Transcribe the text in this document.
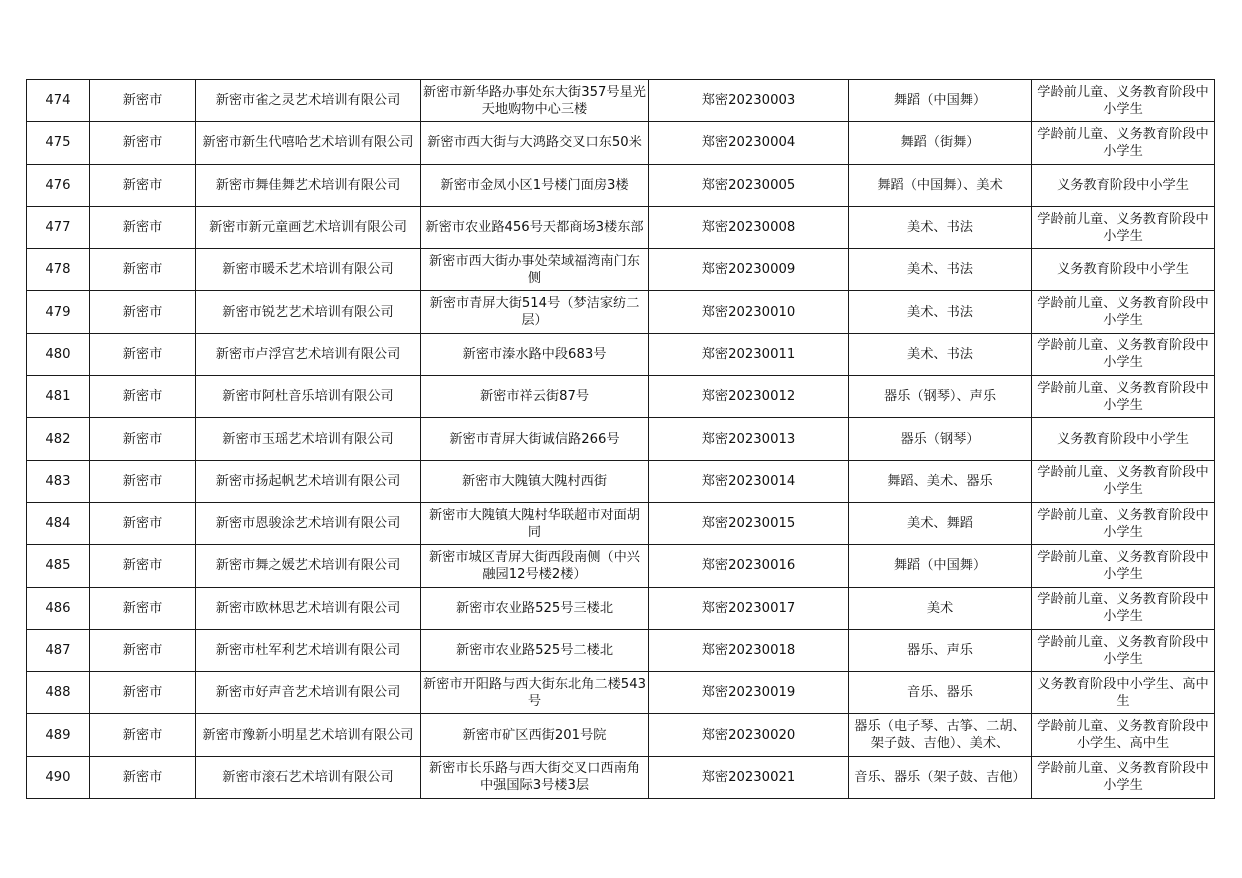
474	新密市	新密市雀之灵艺术培训有限公司	新密市新华路办事处东大街357号星光天地购物中心三楼	郑密20230003	舞蹈（中国舞）	学龄前儿童、义务教育阶段中小学生
475	新密市	新密市新生代嘻哈艺术培训有限公司	新密市西大街与大鸿路交叉口东50米	郑密20230004	舞蹈（街舞）	学龄前儿童、义务教育阶段中小学生
476	新密市	新密市舞佳舞艺术培训有限公司	新密市金凤小区1号楼门面房3楼	郑密20230005	舞蹈（中国舞）、美术	义务教育阶段中小学生
477	新密市	新密市新元童画艺术培训有限公司	新密市农业路456号天都商场3楼东部	郑密20230008	美术、书法	学龄前儿童、义务教育阶段中小学生
478	新密市	新密市暖禾艺术培训有限公司	新密市西大街办事处荣域福湾南门东侧	郑密20230009	美术、书法	义务教育阶段中小学生
479	新密市	新密市锐艺艺术培训有限公司	新密市青屏大街514号（梦洁家纺二层）	郑密20230010	美术、书法	学龄前儿童、义务教育阶段中小学生
480	新密市	新密市卢浮宫艺术培训有限公司	新密市溱水路中段683号	郑密20230011	美术、书法	学龄前儿童、义务教育阶段中小学生
481	新密市	新密市阿杜音乐培训有限公司	新密市祥云街87号	郑密20230012	器乐（钢琴）、声乐	学龄前儿童、义务教育阶段中小学生
482	新密市	新密市玉瑶艺术培训有限公司	新密市青屏大街诚信路266号	郑密20230013	器乐（钢琴）	义务教育阶段中小学生
483	新密市	新密市扬起帆艺术培训有限公司	新密市大隗镇大隗村西街	郑密20230014	舞蹈、美术、器乐	学龄前儿童、义务教育阶段中小学生
484	新密市	新密市恩骏涂艺术培训有限公司	新密市大隗镇大隗村华联超市对面胡同	郑密20230015	美术、舞蹈	学龄前儿童、义务教育阶段中小学生
485	新密市	新密市舞之媛艺术培训有限公司	新密市城区青屏大街西段南侧（中兴融园12号楼2楼）	郑密20230016	舞蹈（中国舞）	学龄前儿童、义务教育阶段中小学生
486	新密市	新密市欧林思艺术培训有限公司	新密市农业路525号三楼北	郑密20230017	美术	学龄前儿童、义务教育阶段中小学生
487	新密市	新密市杜军利艺术培训有限公司	新密市农业路525号二楼北	郑密20230018	器乐、声乐	学龄前儿童、义务教育阶段中小学生
488	新密市	新密市好声音艺术培训有限公司	新密市开阳路与西大街东北角二楼543号	郑密20230019	音乐、器乐	义务教育阶段中小学生、高中生
489	新密市	新密市豫新小明星艺术培训有限公司	新密市矿区西街201号院	郑密20230020	器乐（电子琴、古筝、二胡、架子鼓、吉他）、美术、	学龄前儿童、义务教育阶段中小学生、高中生
490	新密市	新密市滚石艺术培训有限公司	新密市长乐路与西大街交叉口西南角中强国际3号楼3层	郑密20230021	音乐、器乐（架子鼓、吉他）	学龄前儿童、义务教育阶段中小学生
